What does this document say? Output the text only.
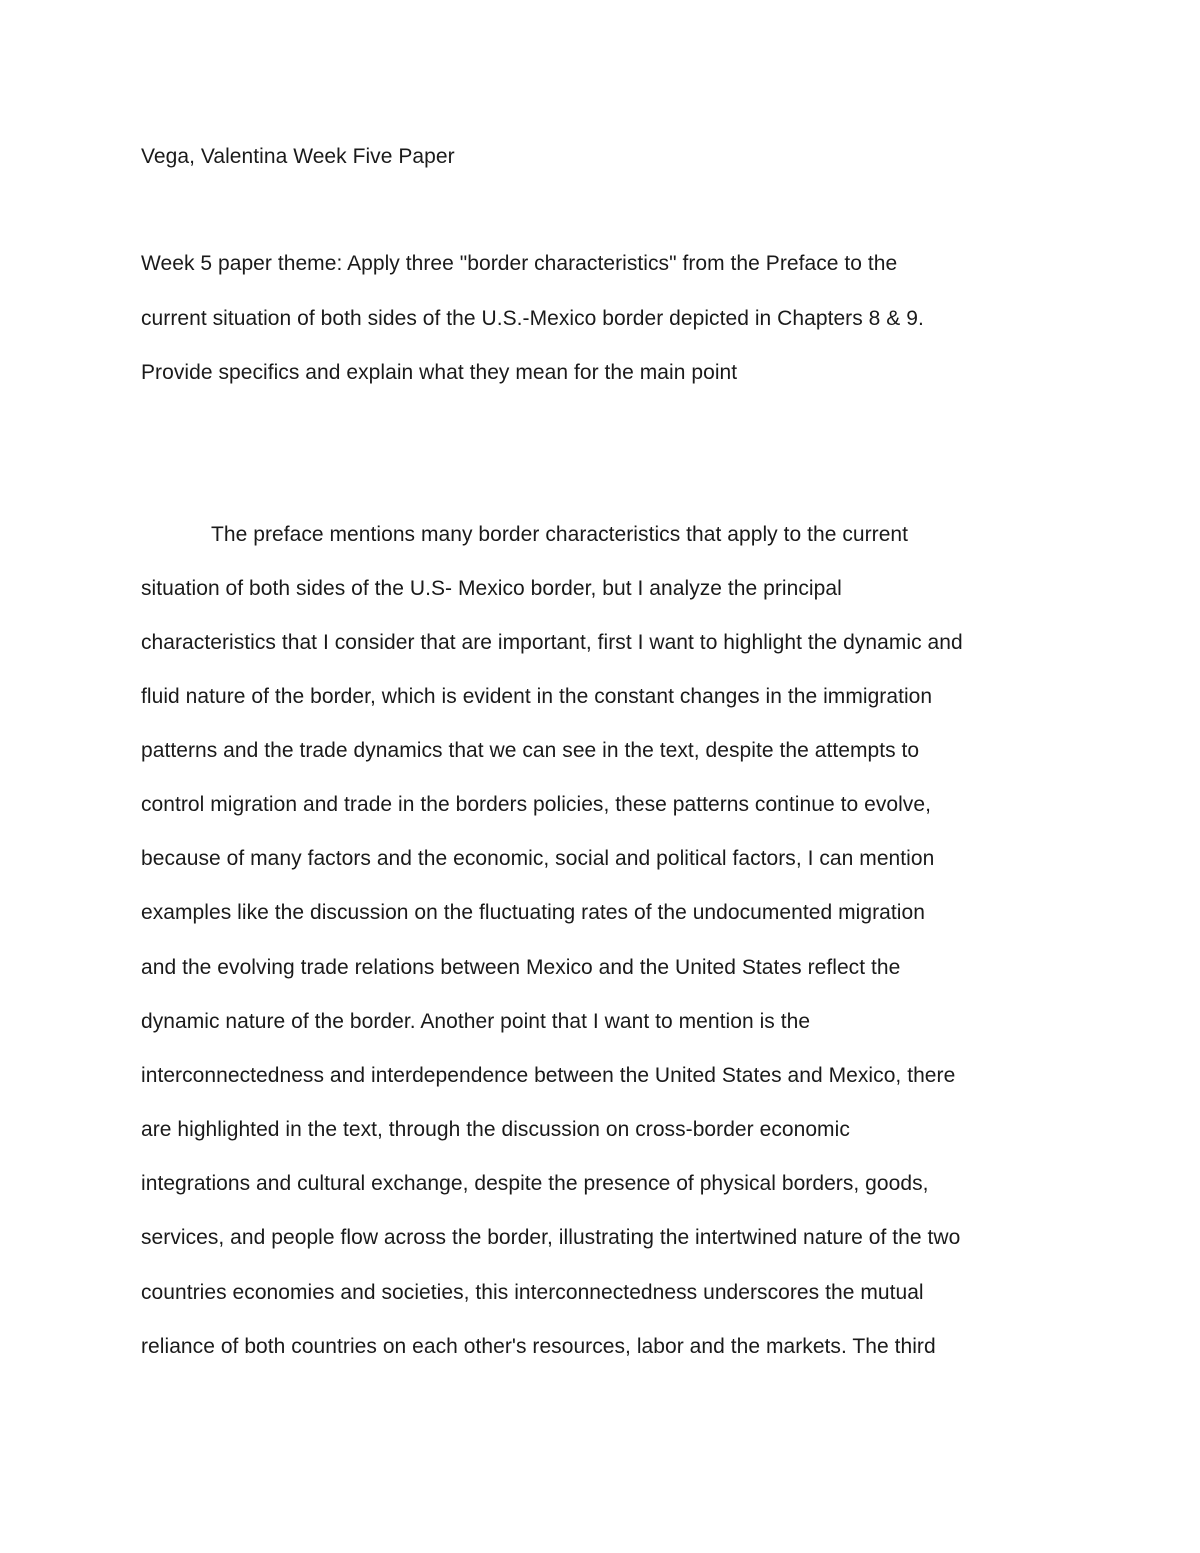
Vega, Valentina Week Five Paper
Week 5 paper theme: Apply three "border characteristics" from the Preface to the
current situation of both sides of the U.S.-Mexico border depicted in Chapters 8 & 9.
Provide specifics and explain what they mean for the main point
The preface mentions many border characteristics that apply to the current
situation of both sides of the U.S- Mexico border, but I analyze the principal
characteristics that I consider that are important, first I want to highlight the dynamic and
fluid nature of the border, which is evident in the constant changes in the immigration
patterns and the trade dynamics that we can see in the text, despite the attempts to
control migration and trade in the borders policies, these patterns continue to evolve,
because of many factors and the economic, social and political factors, I can mention
examples like the discussion on the fluctuating rates of the undocumented migration
and the evolving trade relations between Mexico and the United States reflect the
dynamic nature of the border. Another point that I want to mention is the
interconnectedness and interdependence between the United States and Mexico, there
are highlighted in the text, through the discussion on cross-border economic
integrations and cultural exchange, despite the presence of physical borders, goods,
services, and people flow across the border, illustrating the intertwined nature of the two
countries economies and societies, this interconnectedness underscores the mutual
reliance of both countries on each other's resources, labor and the markets. The third
